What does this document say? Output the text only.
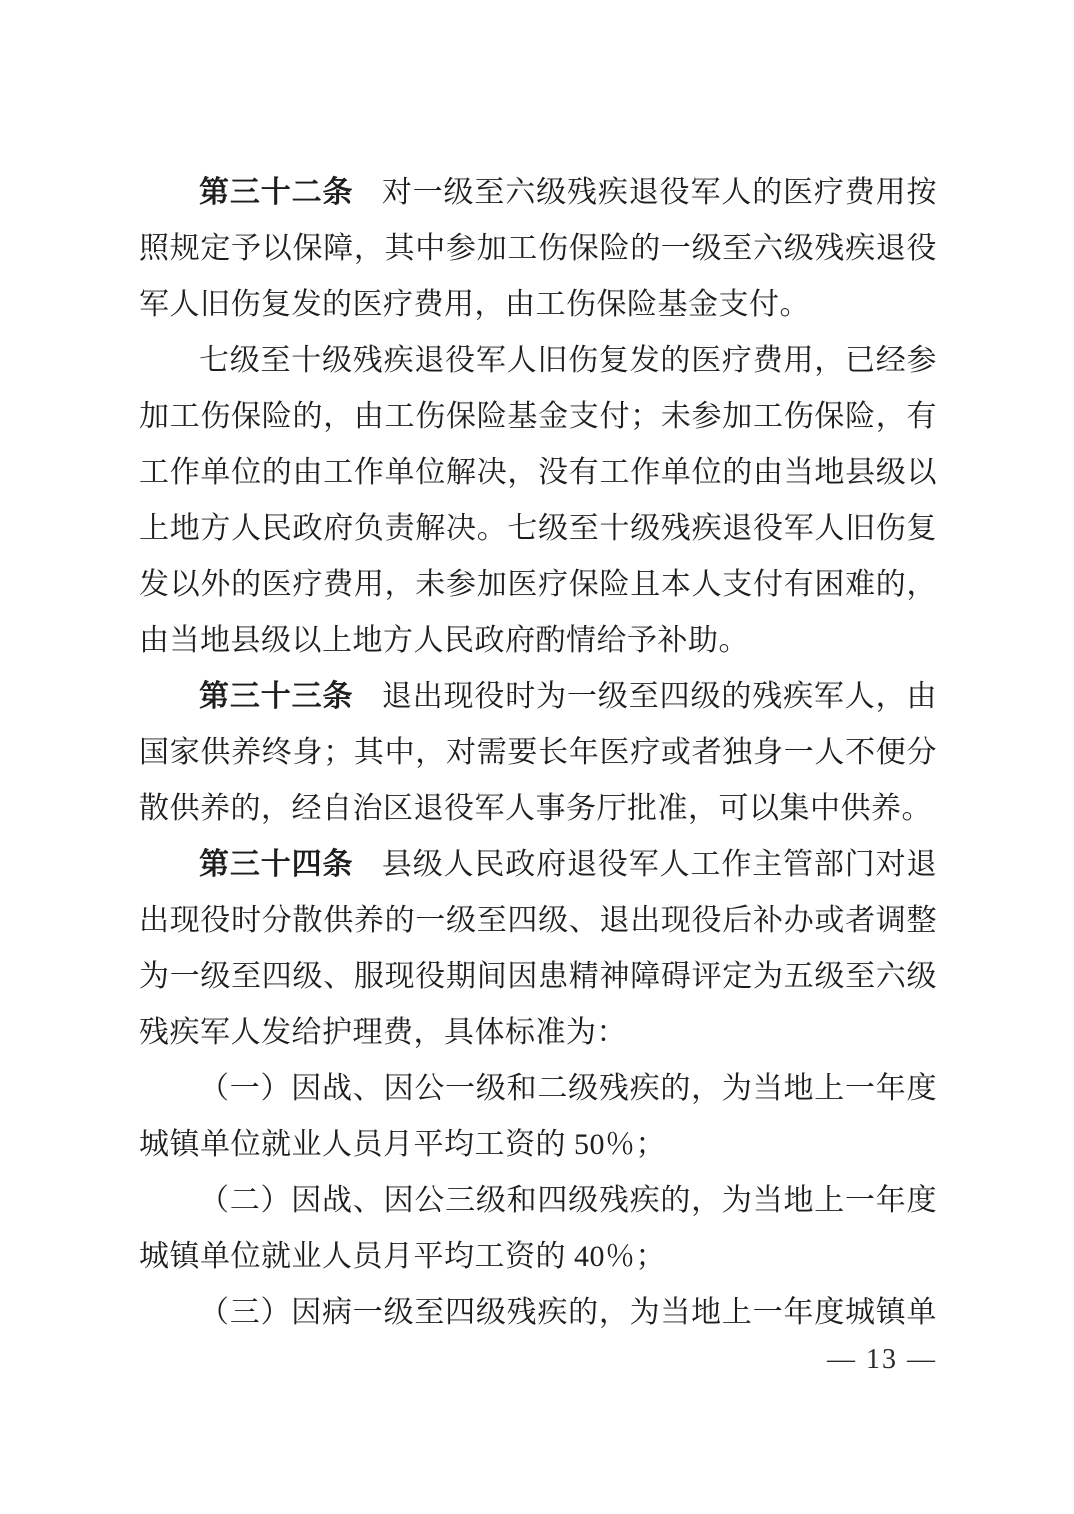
第三十二条 对一级至六级残疾退役军人的医疗费用按
照规定予以保障，其中参加工伤保险的一级至六级残疾退役
军人旧伤复发的医疗费用，由工伤保险基金支付。
七级至十级残疾退役军人旧伤复发的医疗费用，已经参
加工伤保险的，由工伤保险基金支付；未参加工伤保险，有
工作单位的由工作单位解决，没有工作单位的由当地县级以
上地方人民政府负责解决。七级至十级残疾退役军人旧伤复
发以外的医疗费用，未参加医疗保险且本人支付有困难的，
由当地县级以上地方人民政府酌情给予补助。
第三十三条 退出现役时为一级至四级的残疾军人，由
国家供养终身；其中，对需要长年医疗或者独身一人不便分
散供养的，经自治区退役军人事务厅批准，可以集中供养。
第三十四条 县级人民政府退役军人工作主管部门对退
出现役时分散供养的一级至四级、退出现役后补办或者调整
为一级至四级、服现役期间因患精神障碍评定为五级至六级
残疾军人发给护理费，具体标准为：
（一）因战、因公一级和二级残疾的，为当地上一年度
城镇单位就业人员月平均工资的 50％；
（二）因战、因公三级和四级残疾的，为当地上一年度
城镇单位就业人员月平均工资的 40％；
（三）因病一级至四级残疾的，为当地上一年度城镇单
— 13 —
